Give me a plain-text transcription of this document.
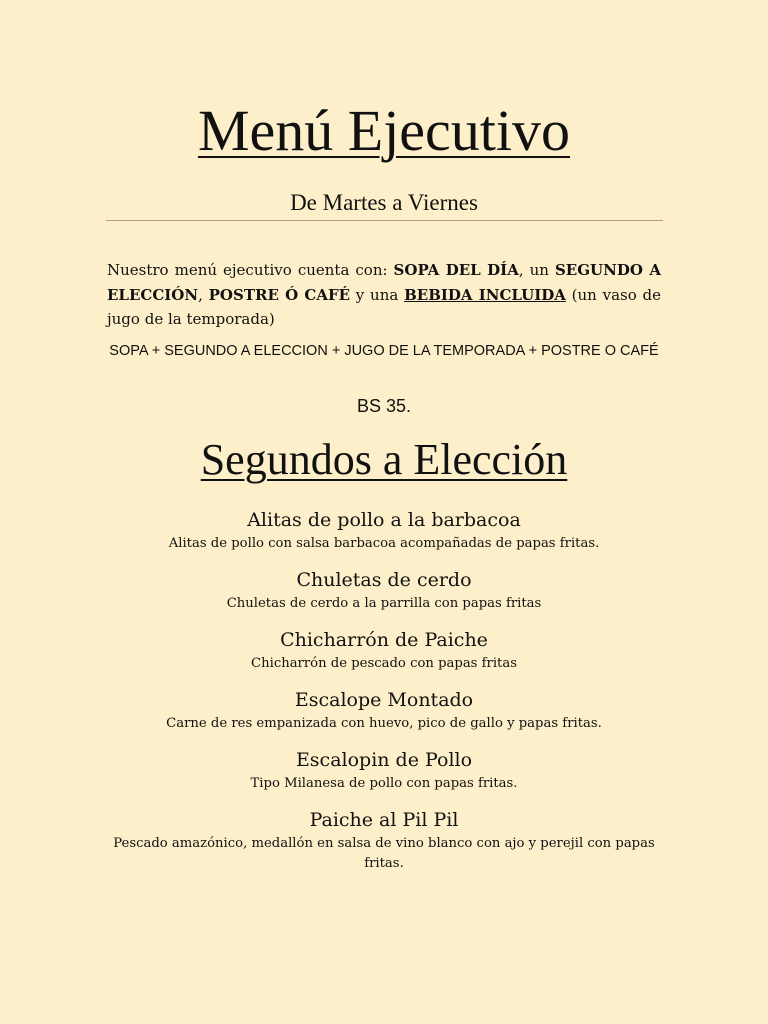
Menú Ejecutivo
De Martes a Viernes
Nuestro menú ejecutivo cuenta con: SOPA DEL DÍA, un SEGUNDO A ELECCIÓN, POSTRE Ó CAFÉ y una BEBIDA INCLUIDA (un vaso de jugo de la temporada)
SOPA + SEGUNDO A ELECCION + JUGO DE LA TEMPORADA + POSTRE O CAFÉ
BS 35.
Segundos a Elección
Alitas de pollo a la barbacoa
Alitas de pollo con salsa barbacoa acompañadas de papas fritas.
Chuletas de cerdo
Chuletas de cerdo a la parrilla con papas fritas
Chicharrón de Paiche
Chicharrón de pescado con papas fritas
Escalope Montado
Carne de res empanizada con huevo, pico de gallo y papas fritas.
Escalopin de Pollo
Tipo Milanesa de pollo con papas fritas.
Paiche al Pil Pil
Pescado amazónico, medallón en salsa de vino blanco con ajo y perejil con papas fritas.
